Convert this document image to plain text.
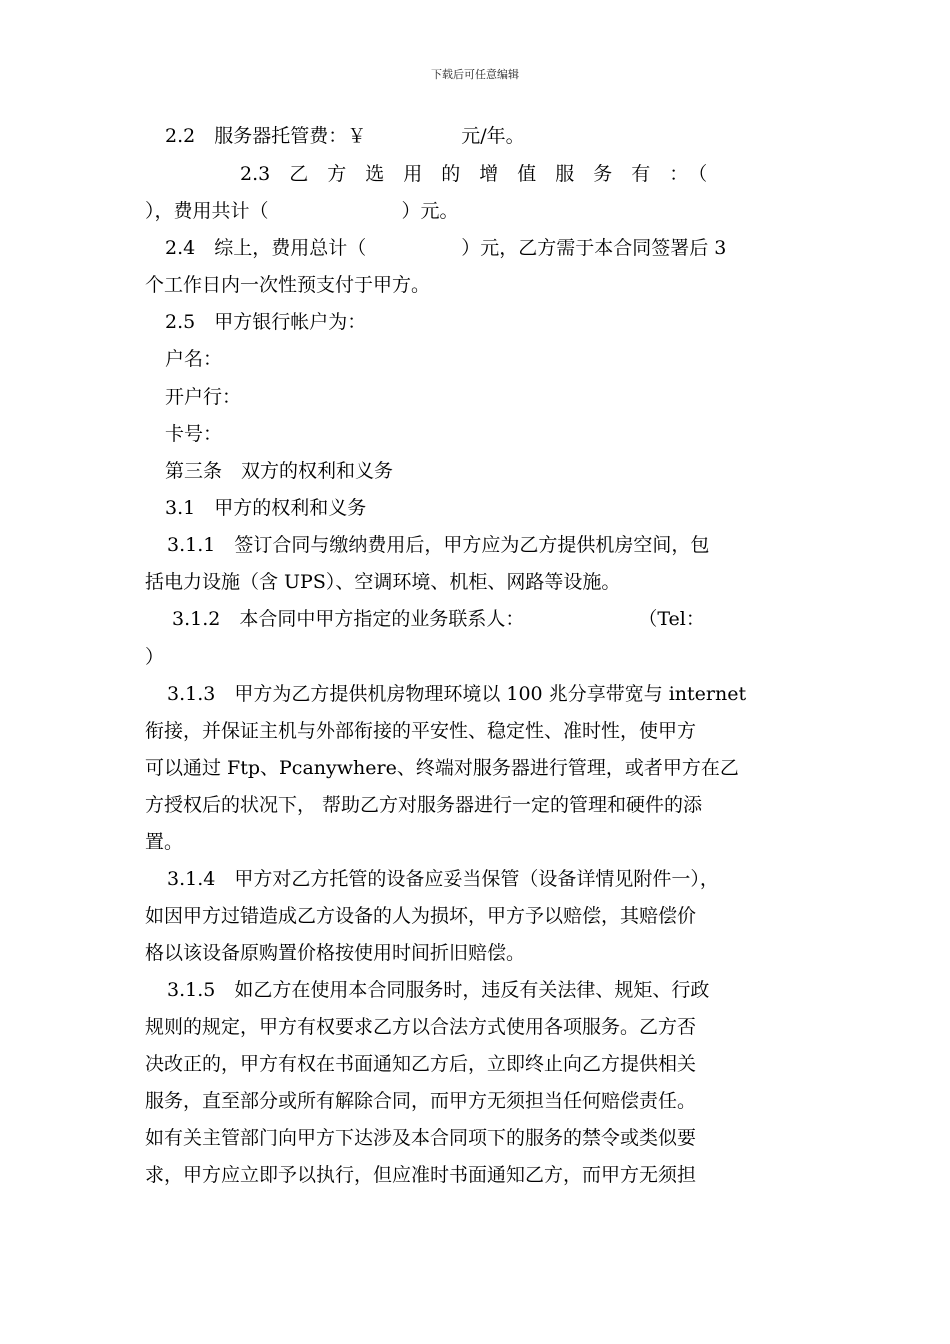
下载后可任意编辑
2.2　服务器托管费：￥　　　　　元/年。
2.3　乙　方　选　用　的　增　值　服　务　有　：　（
），费用共计（　　　　　　　）元。
2.4　综上，费用总计（　　　　　）元，乙方需于本合同签署后 3
个工作日内一次性预支付于甲方。
2.5　甲方银行帐户为：
户名：
开户行：
卡号：
第三条　双方的权利和义务
3.1　甲方的权利和义务
3.1.1　签订合同与缴纳费用后，甲方应为乙方提供机房空间，包
括电力设施（含 UPS）、空调环境、机柜、网路等设施。
3.1.2　本合同中甲方指定的业务联系人：　　　　　　　（Tel：
）
3.1.3　甲方为乙方提供机房物理环境以 100 兆分享带宽与 internet
衔接，并保证主机与外部衔接的平安性、稳定性、准时性，使甲方
可以通过 Ftp、Pcanywhere、终端对服务器进行管理，或者甲方在乙
方授权后的状况下， 帮助乙方对服务器进行一定的管理和硬件的添
置。
3.1.4　甲方对乙方托管的设备应妥当保管（设备详情见附件一），
如因甲方过错造成乙方设备的人为损坏，甲方予以赔偿，其赔偿价
格以该设备原购置价格按使用时间折旧赔偿。
3.1.5　如乙方在使用本合同服务时，违反有关法律、规矩、行政
规则的规定，甲方有权要求乙方以合法方式使用各项服务。乙方否
决改正的，甲方有权在书面通知乙方后，立即终止向乙方提供相关
服务，直至部分或所有解除合同，而甲方无须担当任何赔偿责任。
如有关主管部门向甲方下达涉及本合同项下的服务的禁令或类似要
求，甲方应立即予以执行，但应准时书面通知乙方，而甲方无须担
